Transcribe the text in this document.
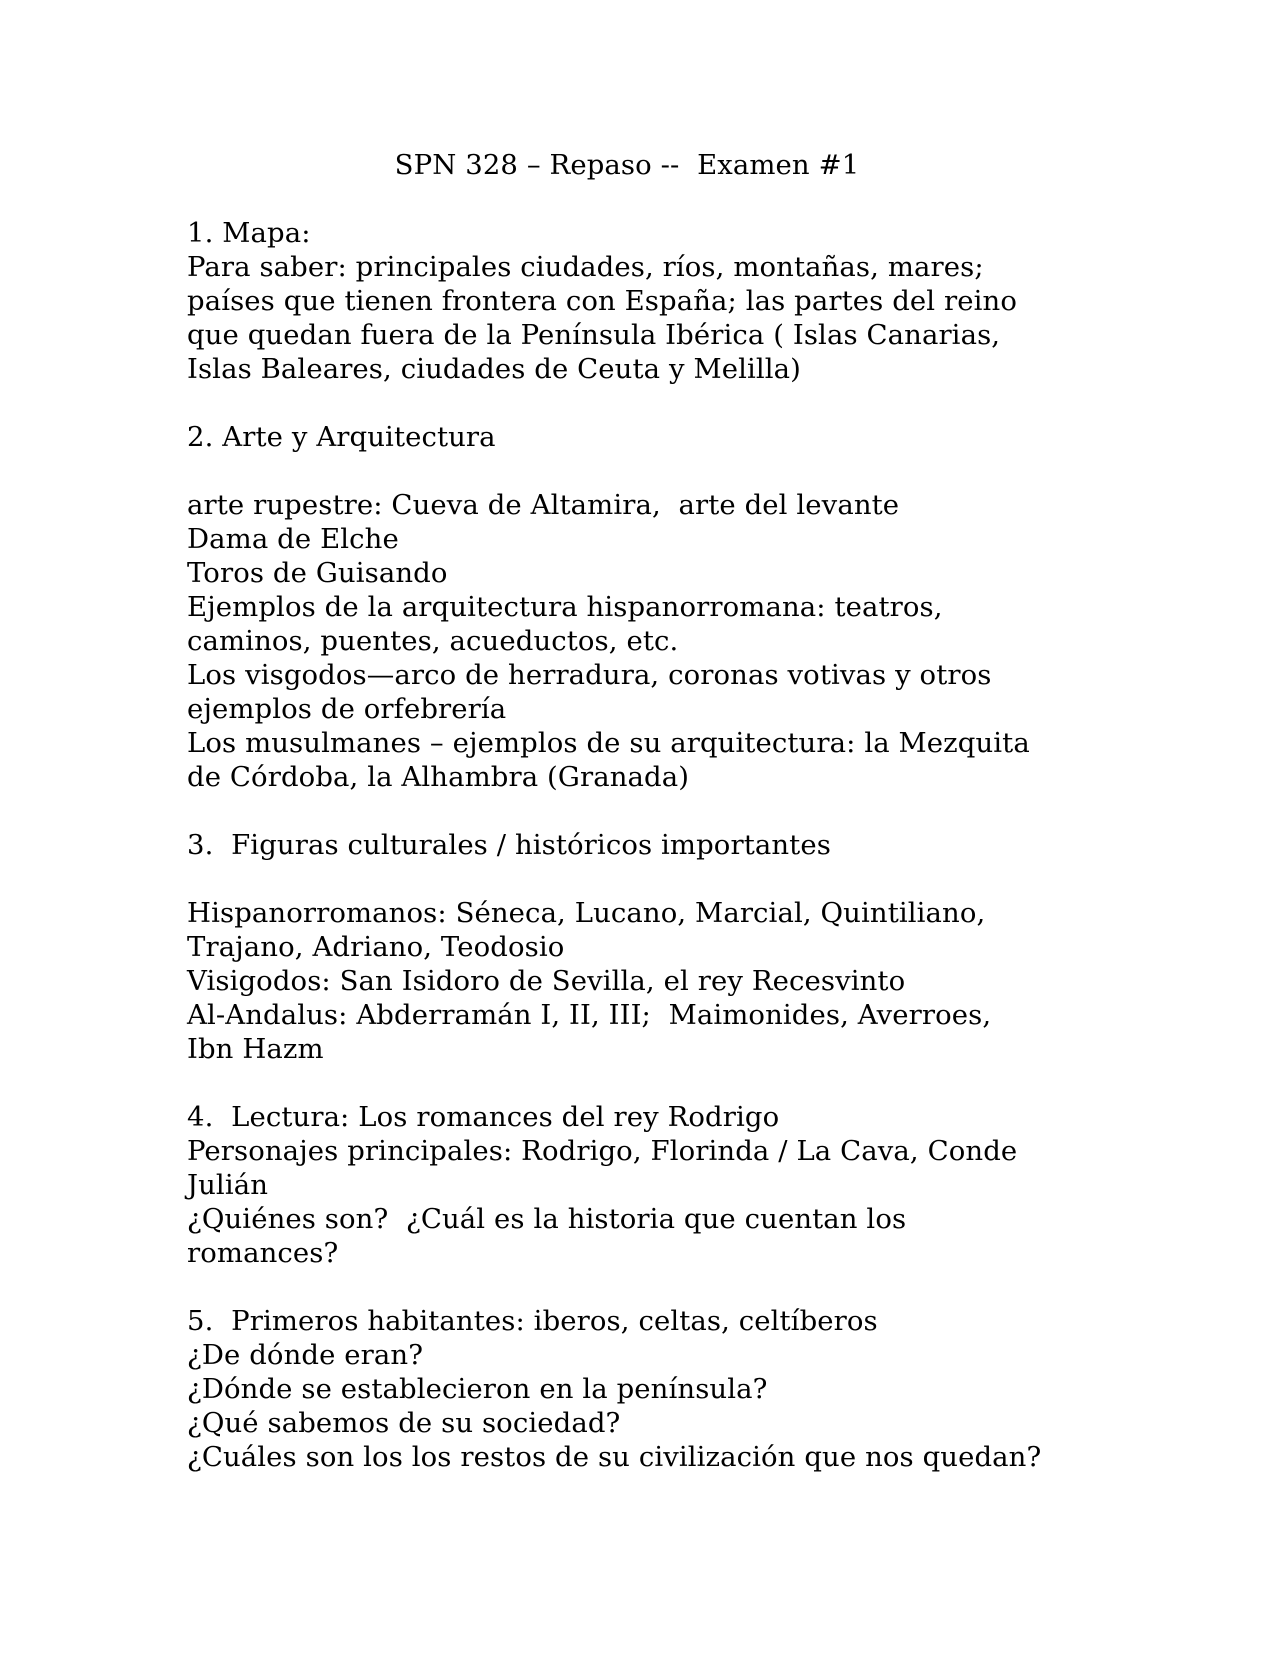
SPN 328 – Repaso --  Examen #1
1. Mapa:
Para saber: principales ciudades, ríos, montañas, mares;
países que tienen frontera con España; las partes del reino
que quedan fuera de la Península Ibérica ( Islas Canarias,
Islas Baleares, ciudades de Ceuta y Melilla)
2. Arte y Arquitectura
arte rupestre: Cueva de Altamira,  arte del levante
Dama de Elche
Toros de Guisando
Ejemplos de la arquitectura hispanorromana: teatros,
caminos, puentes, acueductos, etc.
Los visgodos—arco de herradura, coronas votivas y otros
ejemplos de orfebrería
Los musulmanes – ejemplos de su arquitectura: la Mezquita
de Córdoba, la Alhambra (Granada)
3.  Figuras culturales / históricos importantes
Hispanorromanos: Séneca, Lucano, Marcial, Quintiliano,
Trajano, Adriano, Teodosio
Visigodos: San Isidoro de Sevilla, el rey Recesvinto
Al-Andalus: Abderramán I, II, III;  Maimonides, Averroes,
Ibn Hazm
4.  Lectura: Los romances del rey Rodrigo
Personajes principales: Rodrigo, Florinda / La Cava, Conde
Julián
¿Quiénes son?  ¿Cuál es la historia que cuentan los
romances?
5.  Primeros habitantes: iberos, celtas, celtíberos
¿De dónde eran?
¿Dónde se establecieron en la península?
¿Qué sabemos de su sociedad?
¿Cuáles son los los restos de su civilización que nos quedan?
